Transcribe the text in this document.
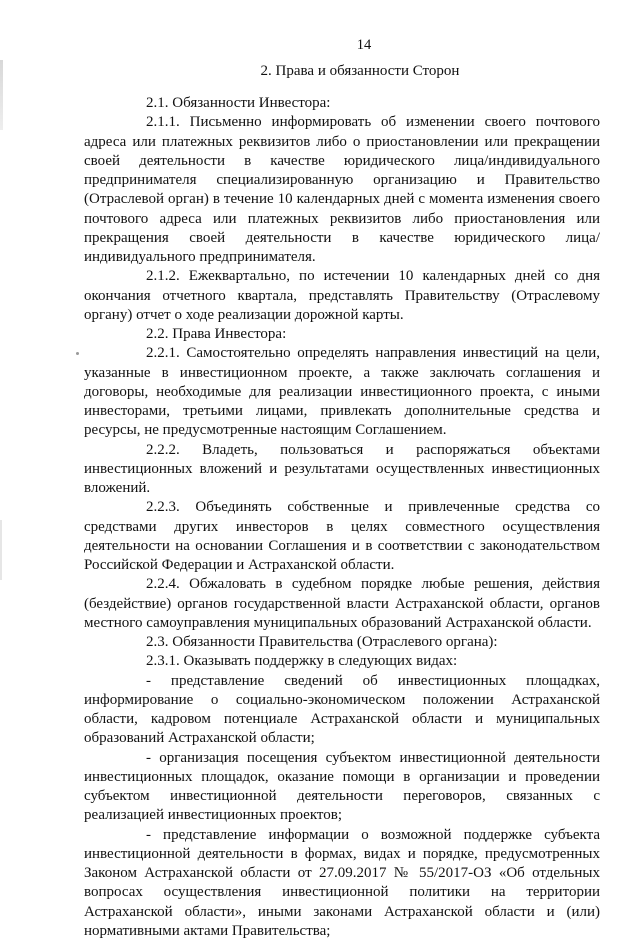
14
2. Права и обязанности Сторон

2.1. Обязанности Инвестора:

2.1.1. Письменно информировать об изменении своего почтового адреса или платежных реквизитов либо о приостановлении или прекращении своей деятельности в качестве юридического лица/индивидуального предпринимателя специализированную организацию и Правительство (Отраслевой орган) в течение 10 календарных дней с момента изменения своего почтового адреса или платежных реквизитов либо приостановления или прекращения своей деятельности в качестве юридического лица/индивидуального предпринимателя.

2.1.2. Ежеквартально, по истечении 10 календарных дней со дня окончания отчетного квартала, представлять Правительству (Отраслевому органу) отчет о ходе реализации дорожной карты.

2.2. Права Инвестора:

2.2.1. Самостоятельно определять направления инвестиций на цели, указанные в инвестиционном проекте, а также заключать соглашения и договоры, необходимые для реализации инвестиционного проекта, с иными инвесторами, третьими лицами, привлекать дополнительные средства и ресурсы, не предусмотренные настоящим Соглашением.

2.2.2. Владеть, пользоваться и распоряжаться объектами инвестиционных вложений и результатами осуществленных инвестиционных вложений.

2.2.3. Объединять собственные и привлеченные средства со средствами других инвесторов в целях совместного осуществления деятельности на основании Соглашения и в соответствии с законодательством Российской Федерации и Астраханской области.

2.2.4. Обжаловать в судебном порядке любые решения, действия (бездействие) органов государственной власти Астраханской области, органов местного самоуправления муниципальных образований Астраханской области.

2.3. Обязанности Правительства (Отраслевого органа):

2.3.1. Оказывать поддержку в следующих видах:

- представление сведений об инвестиционных площадках, информирование о социально-экономическом положении Астраханской области, кадровом потенциале Астраханской области и муниципальных образований Астраханской области;

- организация посещения субъектом инвестиционной деятельности инвестиционных площадок, оказание помощи в организации и проведении субъектом инвестиционной деятельности переговоров, связанных с реализацией инвестиционных проектов;

- представление информации о возможной поддержке субъекта инвестиционной деятельности в формах, видах и порядке, предусмотренных Законом Астраханской области от 27.09.2017 № 55/2017-ОЗ «Об отдельных вопросах осуществления инвестиционной политики на территории Астраханской области», иными законами Астраханской области и (или) нормативными актами Правительства;
